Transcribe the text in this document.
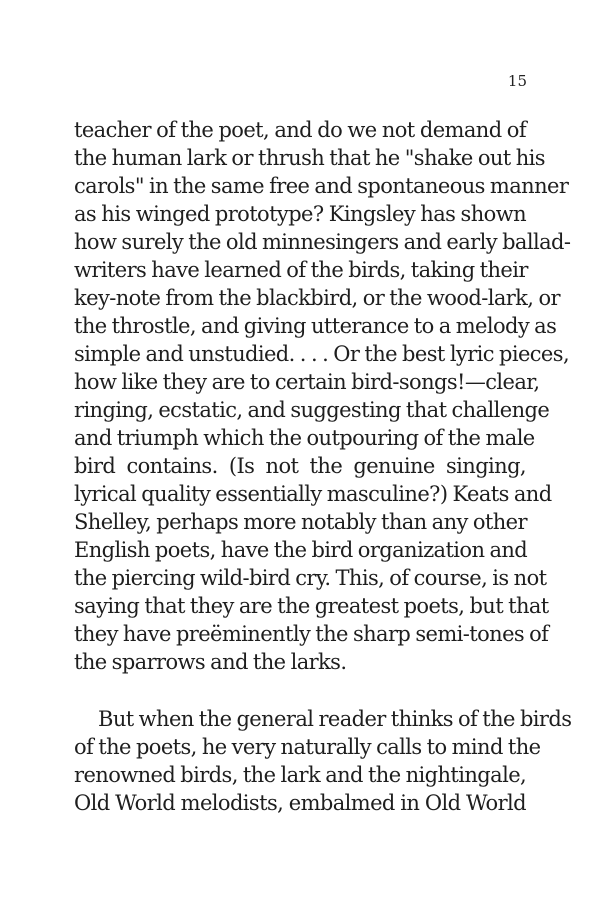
15
teacher of the poet, and do we not demand of
the human lark or thrush that he "shake out his
carols" in the same free and spontaneous manner
as his winged prototype? Kingsley has shown
how surely the old minnesingers and early ballad-
writers have learned of the birds, taking their
key-note from the blackbird, or the wood-lark, or
the throstle, and giving utterance to a melody as
simple and unstudied. . . . Or the best lyric pieces,
how like they are to certain bird-songs!—clear,
ringing, ecstatic, and suggesting that challenge
and triumph which the outpouring of the male
bird contains. (Is not the genuine singing,
lyrical quality essentially masculine?) Keats and
Shelley, perhaps more notably than any other
English poets, have the bird organization and
the piercing wild-bird cry. This, of course, is not
saying that they are the greatest poets, but that
they have preëminently the sharp semi-tones of
the sparrows and the larks.
But when the general reader thinks of the birds
of the poets, he very naturally calls to mind the
renowned birds, the lark and the nightingale,
Old World melodists, embalmed in Old World
